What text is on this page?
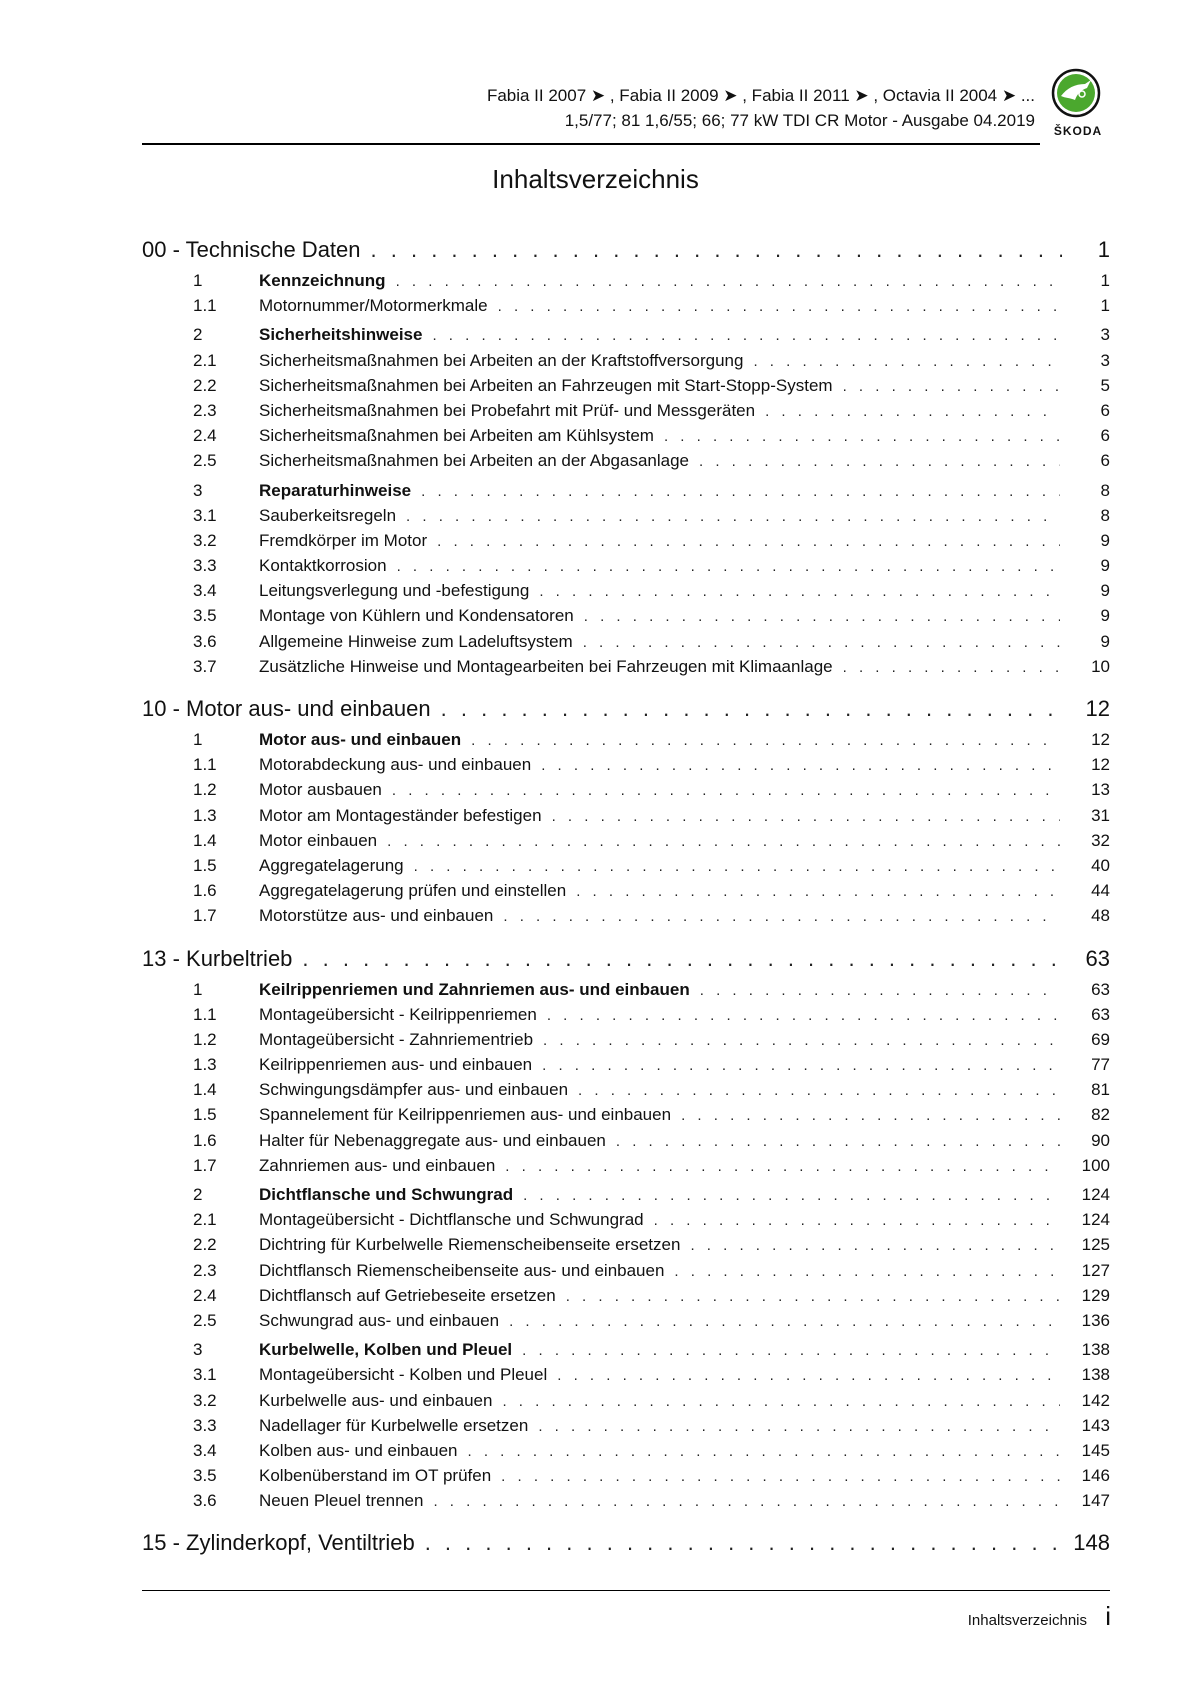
Fabia II 2007 ➤ , Fabia II 2009 ➤ , Fabia II 2011 ➤ , Octavia II 2004 ➤ ...
1,5/77; 81 1,6/55; 66; 77 kW TDI CR Motor - Ausgabe 04.2019
ŠKODA
Inhaltsverzeichnis
00 - Technische Daten . . .	1
1	Kennzeichnung . . .	1
1.1	Motornummer/Motormerkmale . . .	1
2	Sicherheitshinweise . . .	3
2.1	Sicherheitsmaßnahmen bei Arbeiten an der Kraftstoffversorgung . . .	3
2.2	Sicherheitsmaßnahmen bei Arbeiten an Fahrzeugen mit Start-Stopp-System . . .	5
2.3	Sicherheitsmaßnahmen bei Probefahrt mit Prüf- und Messgeräten . . .	6
2.4	Sicherheitsmaßnahmen bei Arbeiten am Kühlsystem . . .	6
2.5	Sicherheitsmaßnahmen bei Arbeiten an der Abgasanlage . . .	6
3	Reparaturhinweise . . .	8
3.1	Sauberkeitsregeln . . .	8
3.2	Fremdkörper im Motor . . .	9
3.3	Kontaktkorrosion . . .	9
3.4	Leitungsverlegung und -befestigung . . .	9
3.5	Montage von Kühlern und Kondensatoren . . .	9
3.6	Allgemeine Hinweise zum Ladeluftsystem . . .	9
3.7	Zusätzliche Hinweise und Montagearbeiten bei Fahrzeugen mit Klimaanlage . . .	10
10 - Motor aus- und einbauen . . .	12
1	Motor aus- und einbauen . . .	12
1.1	Motorabdeckung aus- und einbauen . . .	12
1.2	Motor ausbauen . . .	13
1.3	Motor am Montageständer befestigen . . .	31
1.4	Motor einbauen . . .	32
1.5	Aggregatelagerung . . .	40
1.6	Aggregatelagerung prüfen und einstellen . . .	44
1.7	Motorstütze aus- und einbauen . . .	48
13 - Kurbeltrieb . . .	63
1	Keilrippenriemen und Zahnriemen aus- und einbauen . . .	63
1.1	Montageübersicht - Keilrippenriemen . . .	63
1.2	Montageübersicht - Zahnriementrieb . . .	69
1.3	Keilrippenriemen aus- und einbauen . . .	77
1.4	Schwingungsdämpfer aus- und einbauen . . .	81
1.5	Spannelement für Keilrippenriemen aus- und einbauen . . .	82
1.6	Halter für Nebenaggregate aus- und einbauen . . .	90
1.7	Zahnriemen aus- und einbauen . . .	100
2	Dichtflansche und Schwungrad . . .	124
2.1	Montageübersicht - Dichtflansche und Schwungrad . . .	124
2.2	Dichtring für Kurbelwelle Riemenscheibenseite ersetzen . . .	125
2.3	Dichtflansch Riemenscheibenseite aus- und einbauen . . .	127
2.4	Dichtflansch auf Getriebeseite ersetzen . . .	129
2.5	Schwungrad aus- und einbauen . . .	136
3	Kurbelwelle, Kolben und Pleuel . . .	138
3.1	Montageübersicht - Kolben und Pleuel . . .	138
3.2	Kurbelwelle aus- und einbauen . . .	142
3.3	Nadellager für Kurbelwelle ersetzen . . .	143
3.4	Kolben aus- und einbauen . . .	145
3.5	Kolbenüberstand im OT prüfen . . .	146
3.6	Neuen Pleuel trennen . . .	147
15 - Zylinderkopf, Ventiltrieb . . .	148
Inhaltsverzeichnis i
